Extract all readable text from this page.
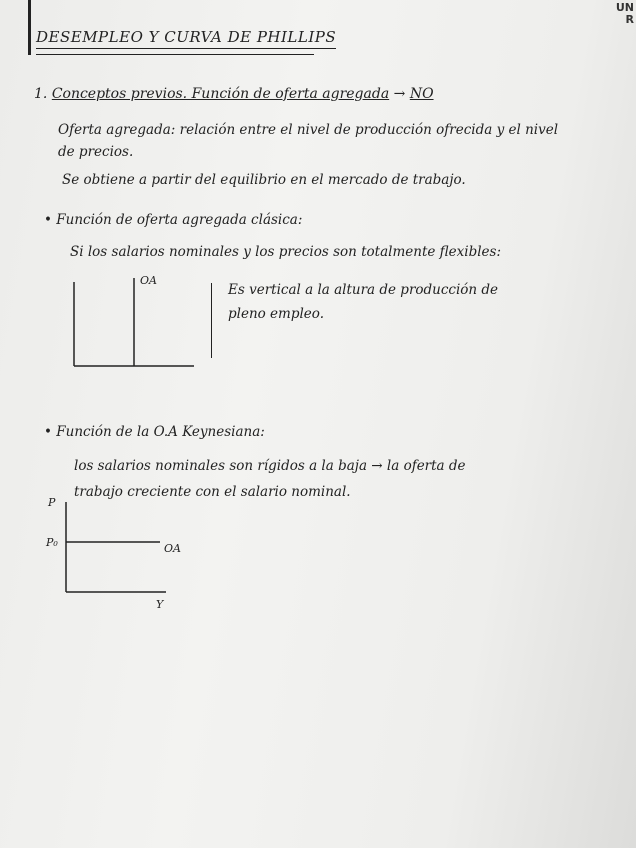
UN
R
DESEMPLEO Y CURVA DE PHILLIPS
1. Conceptos previos. Función de oferta agregada → NO
Oferta agregada: relación entre el nivel de producción ofrecida y el nivel
de precios.
Se obtiene a partir del equilibrio en el mercado de trabajo.
• Función de oferta agregada clásica:
Si los salarios nominales y los precios son totalmente flexibles:
OA
Es vertical a la altura de producción de
pleno empleo.
• Función de la O.A Keynesiana:
los salarios nominales son rígidos a la baja → la oferta de
trabajo creciente con el salario nominal.
P
P₀	OA
Y
